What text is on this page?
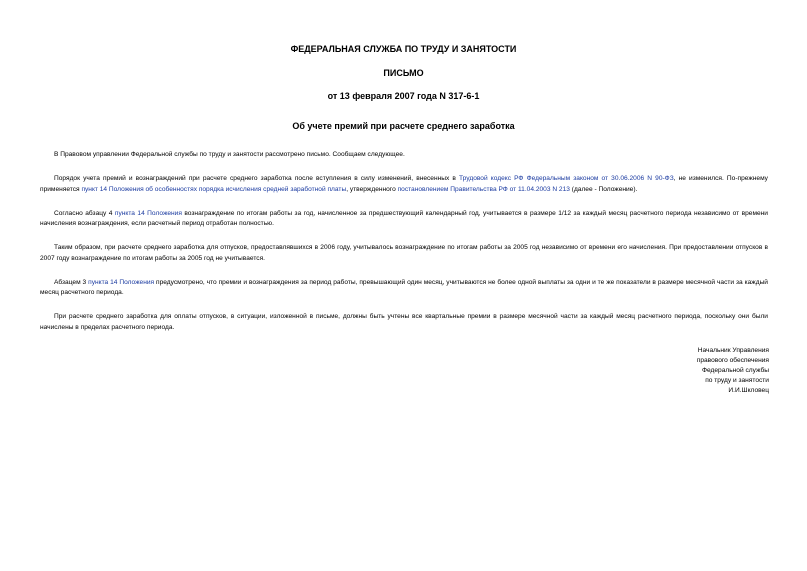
ФЕДЕРАЛЬНАЯ СЛУЖБА ПО ТРУДУ И ЗАНЯТОСТИ

ПИСЬМО

от 13 февраля 2007 года N 317-6-1

Об учете премий при расчете среднего заработка

В Правовом управлении Федеральной службы по труду и занятости рассмотрено письмо. Сообщаем следующее.

Порядок учета премий и вознаграждений при расчете среднего заработка после вступления в силу изменений, внесенных в Трудовой кодекс РФ Федеральным законом от 30.06.2006 N 90-ФЗ, не изменился. По-прежнему применяется пункт 14 Положения об особенностях порядка исчисления средней заработной платы, утвержденного постановлением Правительства РФ от 11.04.2003 N 213 (далее - Положение).

Согласно абзацу 4 пункта 14 Положения вознаграждение по итогам работы за год, начисленное за предшествующий календарный год, учитывается в размере 1/12 за каждый месяц расчетного периода независимо от времени начисления вознаграждения, если расчетный период отработан полностью.

Таким образом, при расчете среднего заработка для отпусков, предоставлявшихся в 2006 году, учитывалось вознаграждение по итогам работы за 2005 год независимо от времени его начисления. При предоставлении отпусков в 2007 году вознаграждение по итогам работы за 2005 год не учитывается.

Абзацем 3 пункта 14 Положения предусмотрено, что премии и вознаграждения за период работы, превышающий один месяц, учитываются не более одной выплаты за одни и те же показатели в размере месячной части за каждый месяц расчетного периода.

При расчете среднего заработка для оплаты отпусков, в ситуации, изложенной в письме, должны быть учтены все квартальные премии в размере месячной части за каждый месяц расчетного периода, поскольку они были начислены в пределах расчетного периода.

Начальник Управления
правового обеспечения
Федеральной службы
по труду и занятости
И.И.Шкловец
